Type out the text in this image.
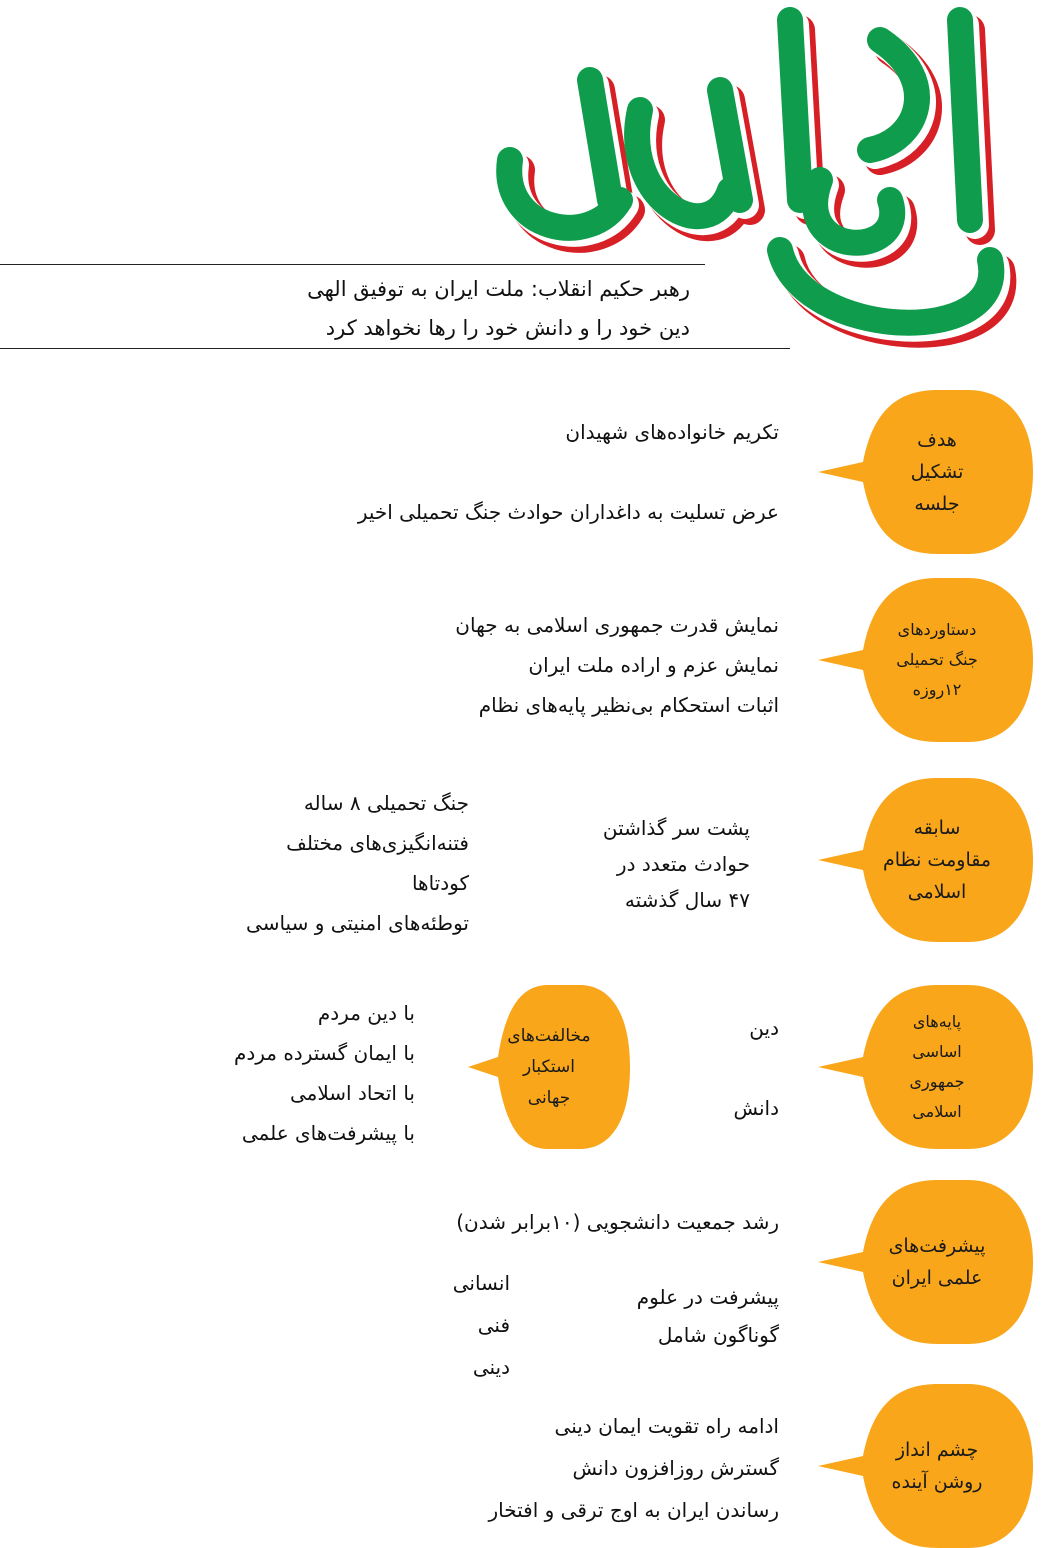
اوج ایران
رهبر حکیم انقلاب: ملت ایران به توفیق الهی
دین خود را و دانش خود را رها نخواهد کرد
هدف
تشکیل
جلسه
تکریم خانواده‌های شهیدان
عرض تسلیت به داغداران حوادث جنگ تحمیلی اخیر
دستاوردهای
جنگ تحمیلی
۱۲روزه
نمایش قدرت جمهوری اسلامی به جهان
نمایش عزم و اراده ملت ایران
اثبات استحکام بی‌نظیر پایه‌های نظام
سابقه
مقاومت نظام
اسلامی
پشت سر گذاشتن
حوادث متعدد در
۴۷ سال گذشته
جنگ تحمیلی ۸ ساله
فتنه‌انگیزی‌های مختلف
کودتاها
توطئه‌های امنیتی و سیاسی
پایه‌های
اساسی
جمهوری
اسلامی
دین
دانش
مخالفت‌های
استکبار
جهانی
با دین مردم
با ایمان گسترده مردم
با اتحاد اسلامی
با پیشرفت‌های علمی
پیشرفت‌های
علمی ایران
رشد جمعیت دانشجویی (۱۰برابر شدن)
پیشرفت در علوم
گوناگون شامل
انسانی
فنی
دینی
چشم انداز
روشن آینده
ادامه راه تقویت ایمان دینی
گسترش روزافزون دانش
رساندن ایران به اوج ترقی و افتخار
